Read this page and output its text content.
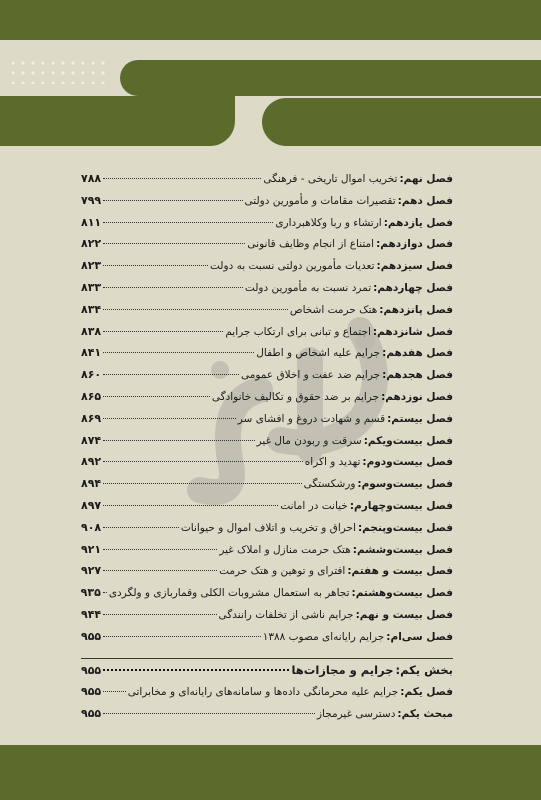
فصل نهم:
تخریب اموال تاریخی - فرهنگی
۷۸۸
فصل دهم:
تقصیرات مقامات و مأمورین دولتی
۷۹۹
فصل یازدهم:
ارتشاء و ربا وکلاهبرداری
۸۱۱
فصل دوازدهم:
امتناع از انجام وظایف قانونی
۸۲۲
فصل سیزدهم:
تعدیات مأمورین دولتی نسبت به دولت
۸۲۳
فصل چهاردهم:
تمرد نسبت به مأمورین دولت
۸۳۳
فصل پانزدهم:
هتک حرمت اشخاص
۸۳۴
فصل شانزدهم:
اجتماع و تبانی برای ارتکاب جرایم
۸۳۸
فصل هفدهم:
جرایم علیه اشخاص و اطفال
۸۴۱
فصل هجدهم:
جرایم ضد عفت و اخلاق عمومی
۸۶۰
فصل نوزدهم:
جرایم بر ضد حقوق و تکالیف خانوادگی
۸۶۵
فصل بیستم:
قسم و شهادت دروغ و افشای سر
۸۶۹
فصل بیست‌ویکم:
سرقت و ربودن مال غیر
۸۷۴
فصل بیست‌ودوم:
تهدید و اکراه
۸۹۲
فصل بیست‌وسوم:
ورشکستگی
۸۹۴
فصل بیست‌وچهارم:
خیانت در امانت
۸۹۷
فصل بیست‌وپنجم:
احراق و تخریب و اتلاف اموال و حیوانات
۹۰۸
فصل بیست‌وششم:
هتک حرمت منازل و املاک غیر
۹۲۱
فصل بیست و هفتم:
افترای و توهین و هتک حرمت
۹۲۷
فصل بیست‌وهشتم:
تجاهر به استعمال مشروبات الکلی وقماربازی و ولگردی
۹۳۵
فصل بیست و نهم:
جرایم ناشی از تخلفات رانندگی
۹۴۴
فصل سی‌ام:
جرایم رایانه‌ای مصوب ۱۳۸۸
۹۵۵
بخش یکم:
جرایم و مجازات‌ها
۹۵۵
فصل یکم:
جرایم علیه محرمانگی داده‌ها و سامانه‌های رایانه‌ای و مخابراتی
۹۵۵
مبحث یکم:
دسترسی غیرمجاز
۹۵۵
